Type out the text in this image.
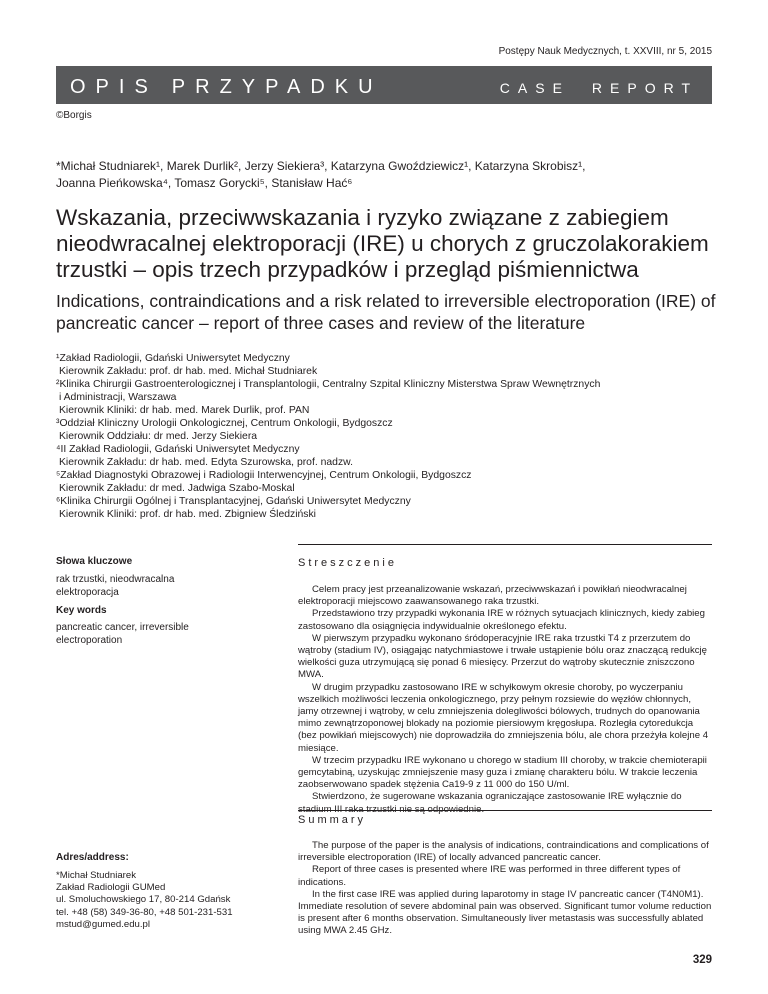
Postępy Nauk Medycznych, t. XXVIII, nr 5, 2015
OPIS PRZYPADKU	CASE REPORT
©Borgis
*Michał Studniarek¹, Marek Durlik², Jerzy Siekiera³, Katarzyna Gwoździewicz¹, Katarzyna Skrobisz¹,
Joanna Pieńkowska⁴, Tomasz Gorycki⁵, Stanisław Hać⁶
Wskazania, przeciwwskazania i ryzyko związane z zabiegiem nieodwracalnej elektroporacji (IRE) u chorych z gruczolakorakiem trzustki – opis trzech przypadków i przegląd piśmiennictwa
Indications, contraindications and a risk related to irreversible electroporation (IRE) of pancreatic cancer – report of three cases and review of the literature
¹Zakład Radiologii, Gdański Uniwersytet Medyczny
Kierownik Zakładu: prof. dr hab. med. Michał Studniarek
²Klinika Chirurgii Gastroenterologicznej i Transplantologii, Centralny Szpital Kliniczny Misterstwa Spraw Wewnętrznych
i Administracji, Warszawa
Kierownik Kliniki: dr hab. med. Marek Durlik, prof. PAN
³Oddział Kliniczny Urologii Onkologicznej, Centrum Onkologii, Bydgoszcz
Kierownik Oddziału: dr med. Jerzy Siekiera
⁴II Zakład Radiologii, Gdański Uniwersytet Medyczny
Kierownik Zakładu: dr hab. med. Edyta Szurowska, prof. nadzw.
⁵Zakład Diagnostyki Obrazowej i Radiologii Interwencyjnej, Centrum Onkologii, Bydgoszcz
Kierownik Zakładu: dr med. Jadwiga Szabo-Moskal
⁶Klinika Chirurgii Ogólnej i Transplantacyjnej, Gdański Uniwersytet Medyczny
Kierownik Kliniki: prof. dr hab. med. Zbigniew Śledziński
Słowa kluczowe
rak trzustki, nieodwracalna elektroporacja
Key words
pancreatic cancer, irreversible electroporation
Streszczenie

Celem pracy jest przeanalizowanie wskazań, przeciwwskazań i powikłań nieodwracalnej elektroporacji miejscowo zaawansowanego raka trzustki.

Przedstawiono trzy przypadki wykonania IRE w różnych sytuacjach klinicznych, kiedy zabieg zastosowano dla osiągnięcia indywidualnie określonego efektu.

W pierwszym przypadku wykonano śródoperacyjnie IRE raka trzustki T4 z przerzutem do wątroby (stadium IV), osiągając natychmiastowe i trwałe ustąpienie bólu oraz znaczącą redukcję wielkości guza utrzymującą się ponad 6 miesięcy. Przerzut do wątroby skutecznie zniszczono MWA.

W drugim przypadku zastosowano IRE w schyłkowym okresie choroby, po wyczerpaniu wszelkich możliwości leczenia onkologicznego, przy pełnym rozsiewie do węzłów chłonnych, jamy otrzewnej i wątroby, w celu zmniejszenia dolegliwości bólowych, trudnych do opanowania mimo zewnątrzoponowej blokady na poziomie piersiowym kręgosłupa. Rozległa cytoredukcja (bez powikłań miejscowych) nie doprowadziła do zmniejszenia bólu, ale chora przeżyła kolejne 4 miesiące.

W trzecim przypadku IRE wykonano u chorego w stadium III choroby, w trakcie chemioterapii gemcytabiną, uzyskując zmniejszenie masy guza i zmianę charakteru bólu. W trakcie leczenia zaobserwowano spadek stężenia Ca19-9 z 11 000 do 150 U/ml.

Stwierdzono, że sugerowane wskazania ograniczające zastosowanie IRE wyłącznie do

Summary

The purpose of the paper is the analysis of indications, contraindications and complications of irreversible electroporation (IRE) of locally advanced pancreatic cancer.

Report of three cases is presented where IRE was performed in three different types of indications.

In the first case IRE was applied during laparotomy in stage IV pancreatic cancer (T4N0M1). Immediate resolution of severe abdominal pain was observed. Significant tumor volume reduction is present after 6 months observation. Simultaneously liver metastasis was successfully ablated using MWA 2.45 GHz.

Adres/address:
*Michał Studniarek
Zakład Radiologii GUMed
ul. Smoluchowskiego 17, 80-214 Gdańsk
tel. +48 (58) 349-36-80, +48 501-231-531
mstud@gumed.edu.pl
329
